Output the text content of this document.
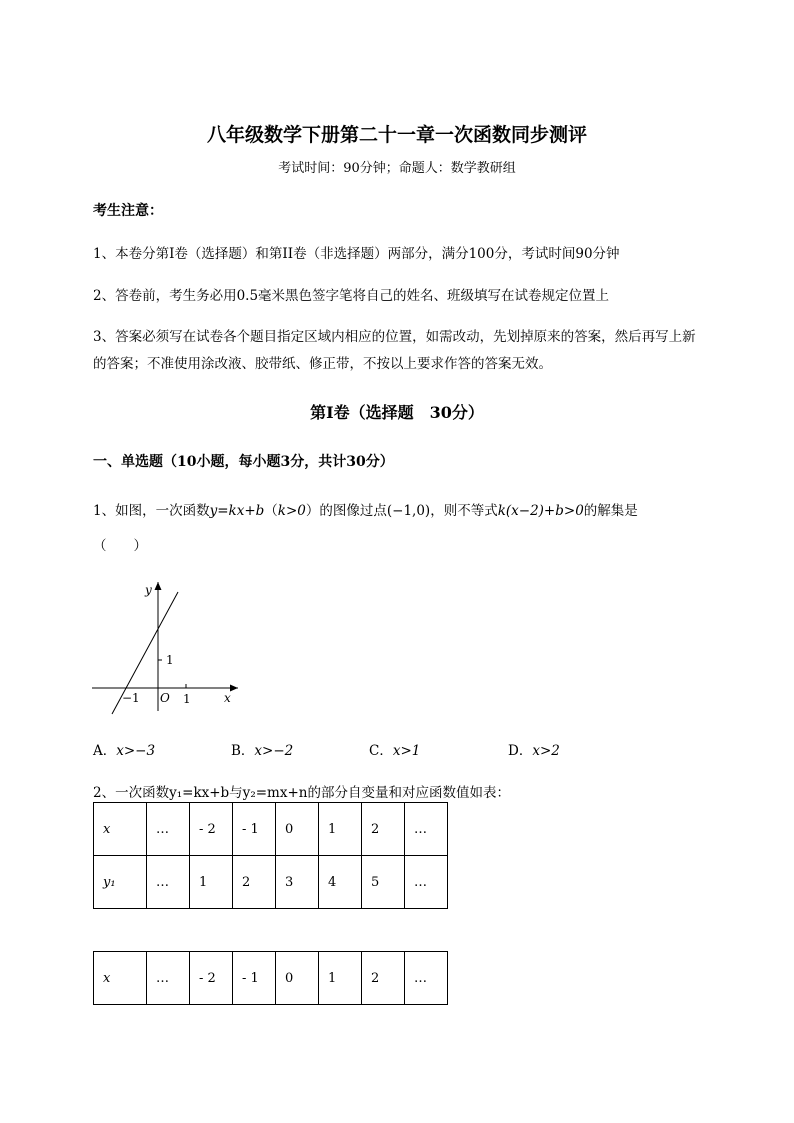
八年级数学下册第二十一章一次函数同步测评
考试时间：90分钟；命题人：数学教研组
考生注意：
1、本卷分第I卷（选择题）和第II卷（非选择题）两部分，满分100分，考试时间90分钟
2、答卷前，考生务必用0.5毫米黑色签字笔将自己的姓名、班级填写在试卷规定位置上
3、答案必须写在试卷各个题目指定区域内相应的位置，如需改动，先划掉原来的答案，然后再写上新
的答案；不准使用涂改液、胶带纸、修正带，不按以上要求作答的答案无效。
第I卷（选择题　30分）
一、单选题（10小题，每小题3分，共计30分）
1、如图，一次函数y=kx+b（k>0）的图像过点(−1,0)，则不等式k(x−2)+b>0的解集是
（　　）
y
x
O
−1	1
1
A．x>−3	B．x>−2	C．x>1	D．x>2
2、一次函数y₁=kx+b与y₂=mx+n的部分自变量和对应函数值如表：
x	…	- 2	- 1	0	1	2	…
y₁	…	1	2	3	4	5	…
x	…	- 2	- 1	0	1	2	…
